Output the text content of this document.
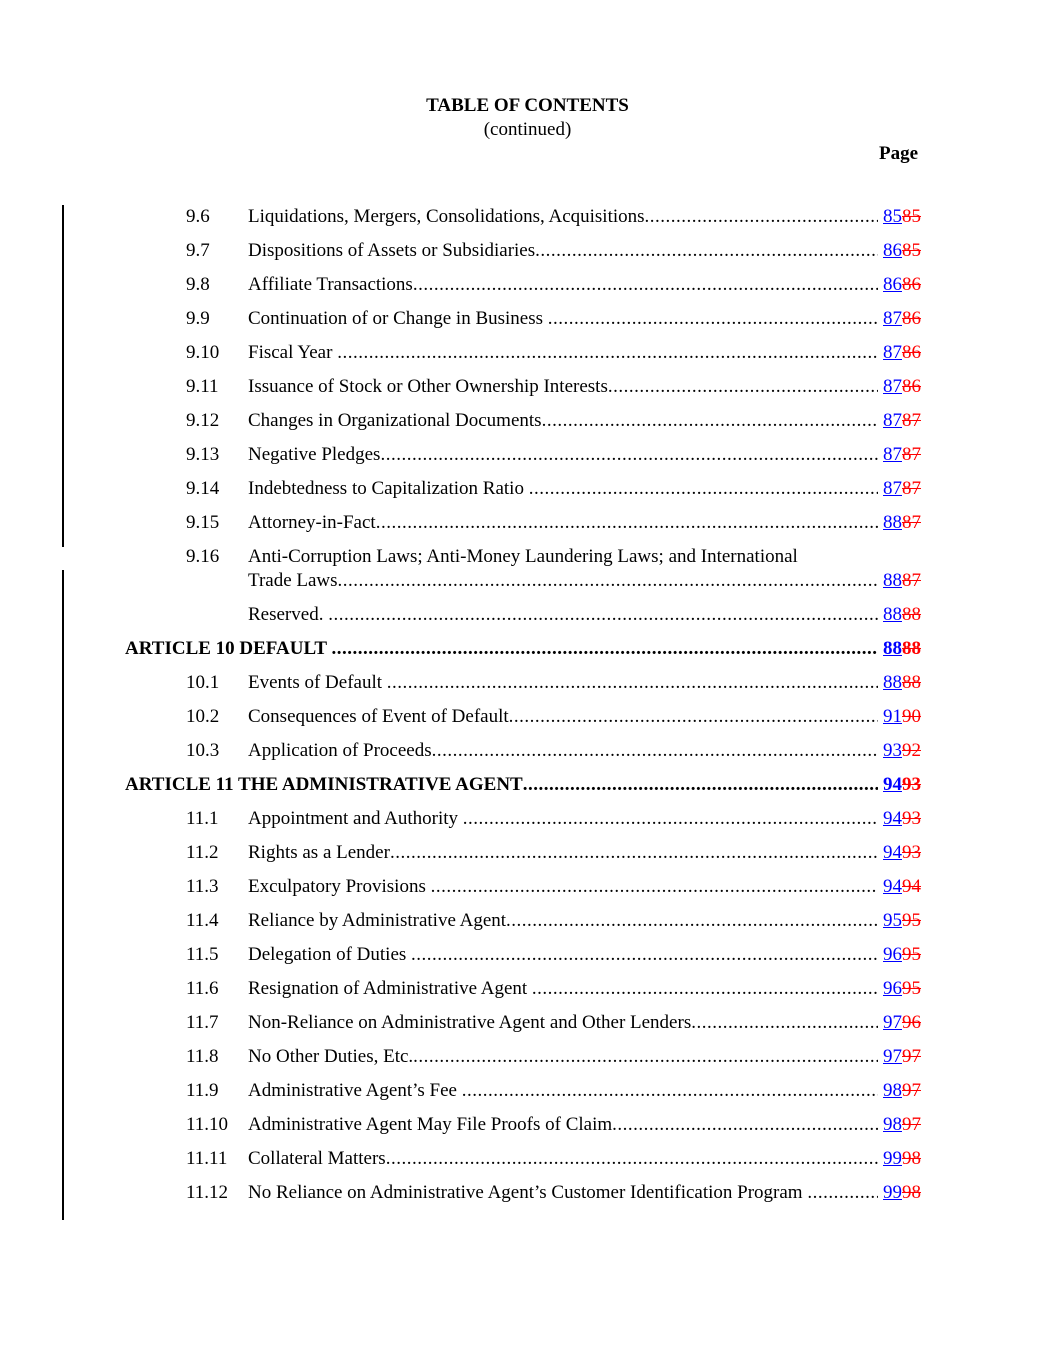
TABLE OF CONTENTS
(continued)
Page
9.6 Liquidations, Mergers, Consolidations, Acquisitions .....	8585
9.7 Dispositions of Assets or Subsidiaries .....	8685
9.8 Affiliate Transactions .....	8686
9.9 Continuation of or Change in Business .....	8786
9.10 Fiscal Year .....	8786
9.11 Issuance of Stock or Other Ownership Interests .....	8786
9.12 Changes in Organizational Documents .....	8787
9.13 Negative Pledges .....	8787
9.14 Indebtedness to Capitalization Ratio .....	8787
9.15 Attorney-in-Fact .....	8887
9.16 Anti-Corruption Laws; Anti-Money Laundering Laws; and International
Trade Laws .....	8887
Reserved. .....	8888
ARTICLE 10 DEFAULT .....	8888
10.1 Events of Default .....	8888
10.2 Consequences of Event of Default .....	9190
10.3 Application of Proceeds .....	9392
ARTICLE 11 THE ADMINISTRATIVE AGENT .....	9493
11.1 Appointment and Authority .....	9493
11.2 Rights as a Lender .....	9493
11.3 Exculpatory Provisions .....	9494
11.4 Reliance by Administrative Agent .....	9595
11.5 Delegation of Duties .....	9695
11.6 Resignation of Administrative Agent .....	9695
11.7 Non-Reliance on Administrative Agent and Other Lenders .....	9796
11.8 No Other Duties, Etc. .....	9797
11.9 Administrative Agent’s Fee .....	9897
11.10 Administrative Agent May File Proofs of Claim .....	9897
11.11 Collateral Matters .....	9998
11.12 No Reliance on Administrative Agent’s Customer Identification Program .....	9998
